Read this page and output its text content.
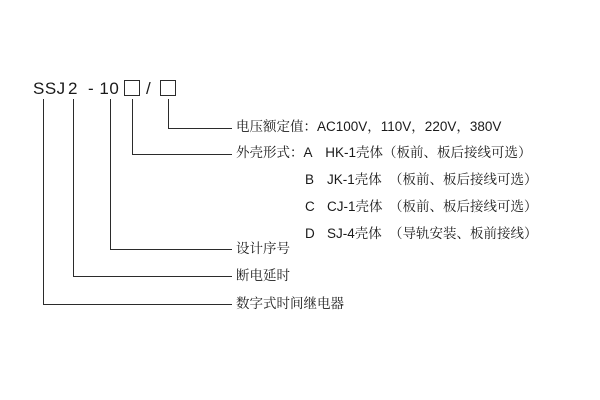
SSJ 2 - 10 /
电压额定值：AC100V，110V，220V，380V
外壳形式：A　HK-1壳体（板前、板后接线可选）
B JK-1壳体 （板前、板后接线可选）
C CJ-1壳体 （板前、板后接线可选）
D SJ-4壳体 （导轨安装、板前接线）
设计序号
断电延时
数字式时间继电器
